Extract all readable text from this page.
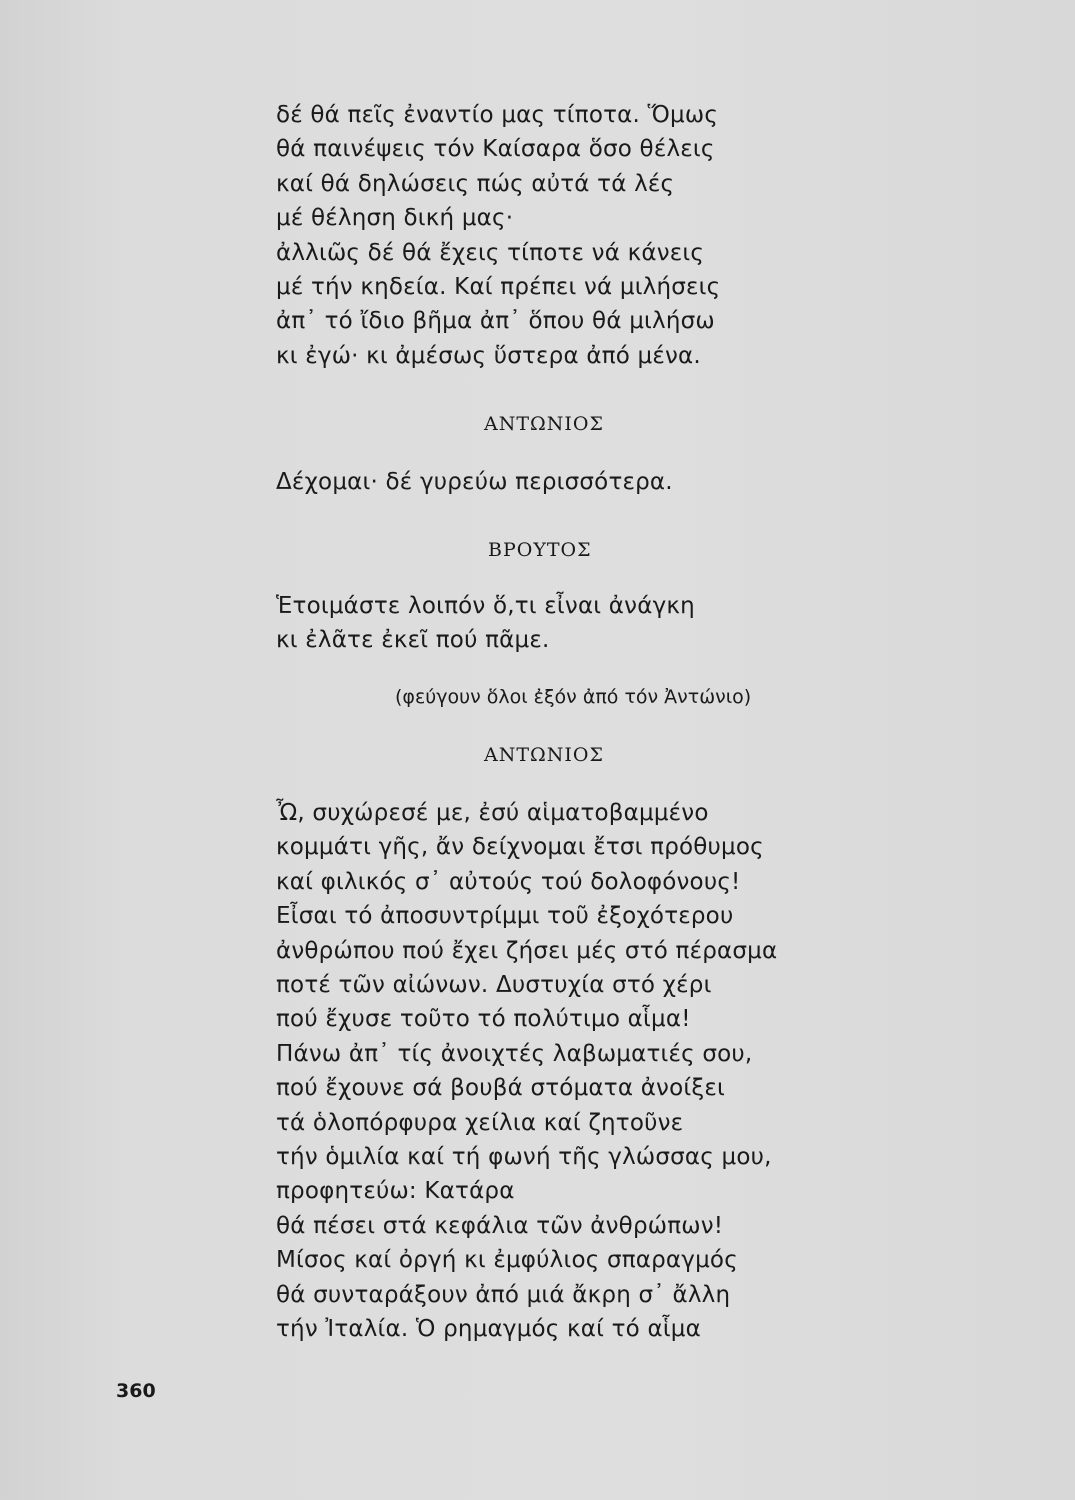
δέ θά πεῖς ἐναντίο μας τίποτα. Ὅμως
θά παινέψεις τόν Καίσαρα ὅσο θέλεις
καί θά δηλώσεις πώς αὐτά τά λές
μέ θέληση δική μας·
ἀλλιῶς δέ θά ἔχεις τίποτε νά κάνεις
μέ τήν κηδεία. Καί πρέπει νά μιλήσεις
ἀπ᾽ τό ἴδιο βῆμα ἀπ᾽ ὅπου θά μιλήσω
κι ἐγώ· κι ἀμέσως ὕστερα ἀπό μένα.
ΑΝΤΩΝΙΟΣ
Δέχομαι· δέ γυρεύω περισσότερα.
ΒΡΟΥΤΟΣ
Ἑτοιμάστε λοιπόν ὅ,τι εἶναι ἀνάγκη
κι ἐλᾶτε ἐκεῖ πού πᾶμε.
(φεύγουν ὅλοι ἐξόν ἀπό τόν Ἀντώνιο)
ΑΝΤΩΝΙΟΣ
Ὦ, συχώρεσέ με, ἐσύ αἱματοβαμμένο
κομμάτι γῆς, ἄν δείχνομαι ἔτσι πρόθυμος
καί φιλικός σ᾽ αὐτούς τού δολοφόνους!
Εἶσαι τό ἀποσυντρίμμι τοῦ ἐξοχότερου
ἀνθρώπου πού ἔχει ζήσει μές στό πέρασμα
ποτέ τῶν αἰώνων. Δυστυχία στό χέρι
πού ἔχυσε τοῦτο τό πολύτιμο αἷμα!
Πάνω ἀπ᾽ τίς ἀνοιχτές λαβωματιές σου,
πού ἔχουνε σά βουβά στόματα ἀνοίξει
τά ὁλοπόρφυρα χείλια καί ζητοῦνε
τήν ὁμιλία καί τή φωνή τῆς γλώσσας μου,
προφητεύω: Κατάρα
θά πέσει στά κεφάλια τῶν ἀνθρώπων!
Μίσος καί ὀργή κι ἐμφύλιος σπαραγμός
θά συνταράξουν ἀπό μιά ἄκρη σ᾽ ἄλλη
τήν Ἰταλία. Ὁ ρημαγμός καί τό αἷμα
360
